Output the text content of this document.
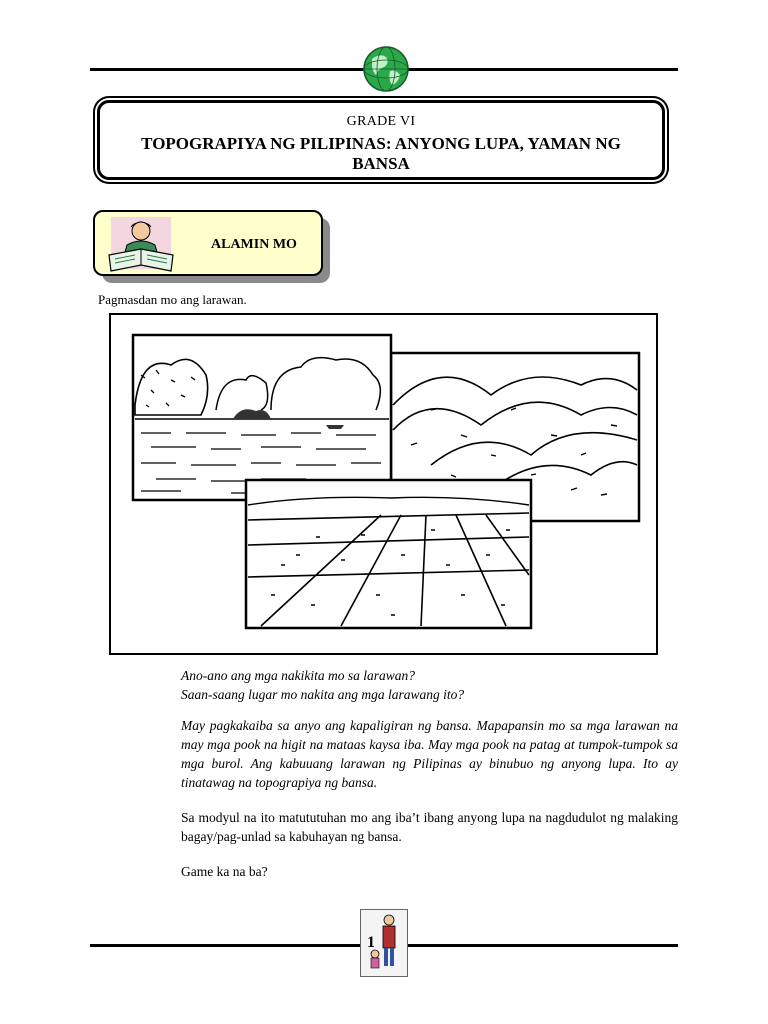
GRADE VI
TOPOGRAPIYA NG PILIPINAS: ANYONG LUPA, YAMAN NG BANSA
ALAMIN MO
Pagmasdan mo ang larawan.
Ano-ano ang mga nakikita mo sa larawan?
Saan-saang lugar mo nakita ang mga larawang ito?
May pagkakaiba sa anyo ang kapaligiran ng bansa. Mapapansin mo sa mga larawan na may mga pook na higit na mataas kaysa iba. May mga pook na patag at tumpok-tumpok sa mga burol. Ang kabuuang larawan ng Pilipinas ay binubuo ng anyong lupa. Ito ay tinatawag na topograpiya ng bansa.
Sa modyul na ito matututuhan mo ang iba’t ibang anyong lupa na nagdudulot ng malaking bagay/pag-unlad sa kabuhayan ng bansa.
Game ka na ba?
1
